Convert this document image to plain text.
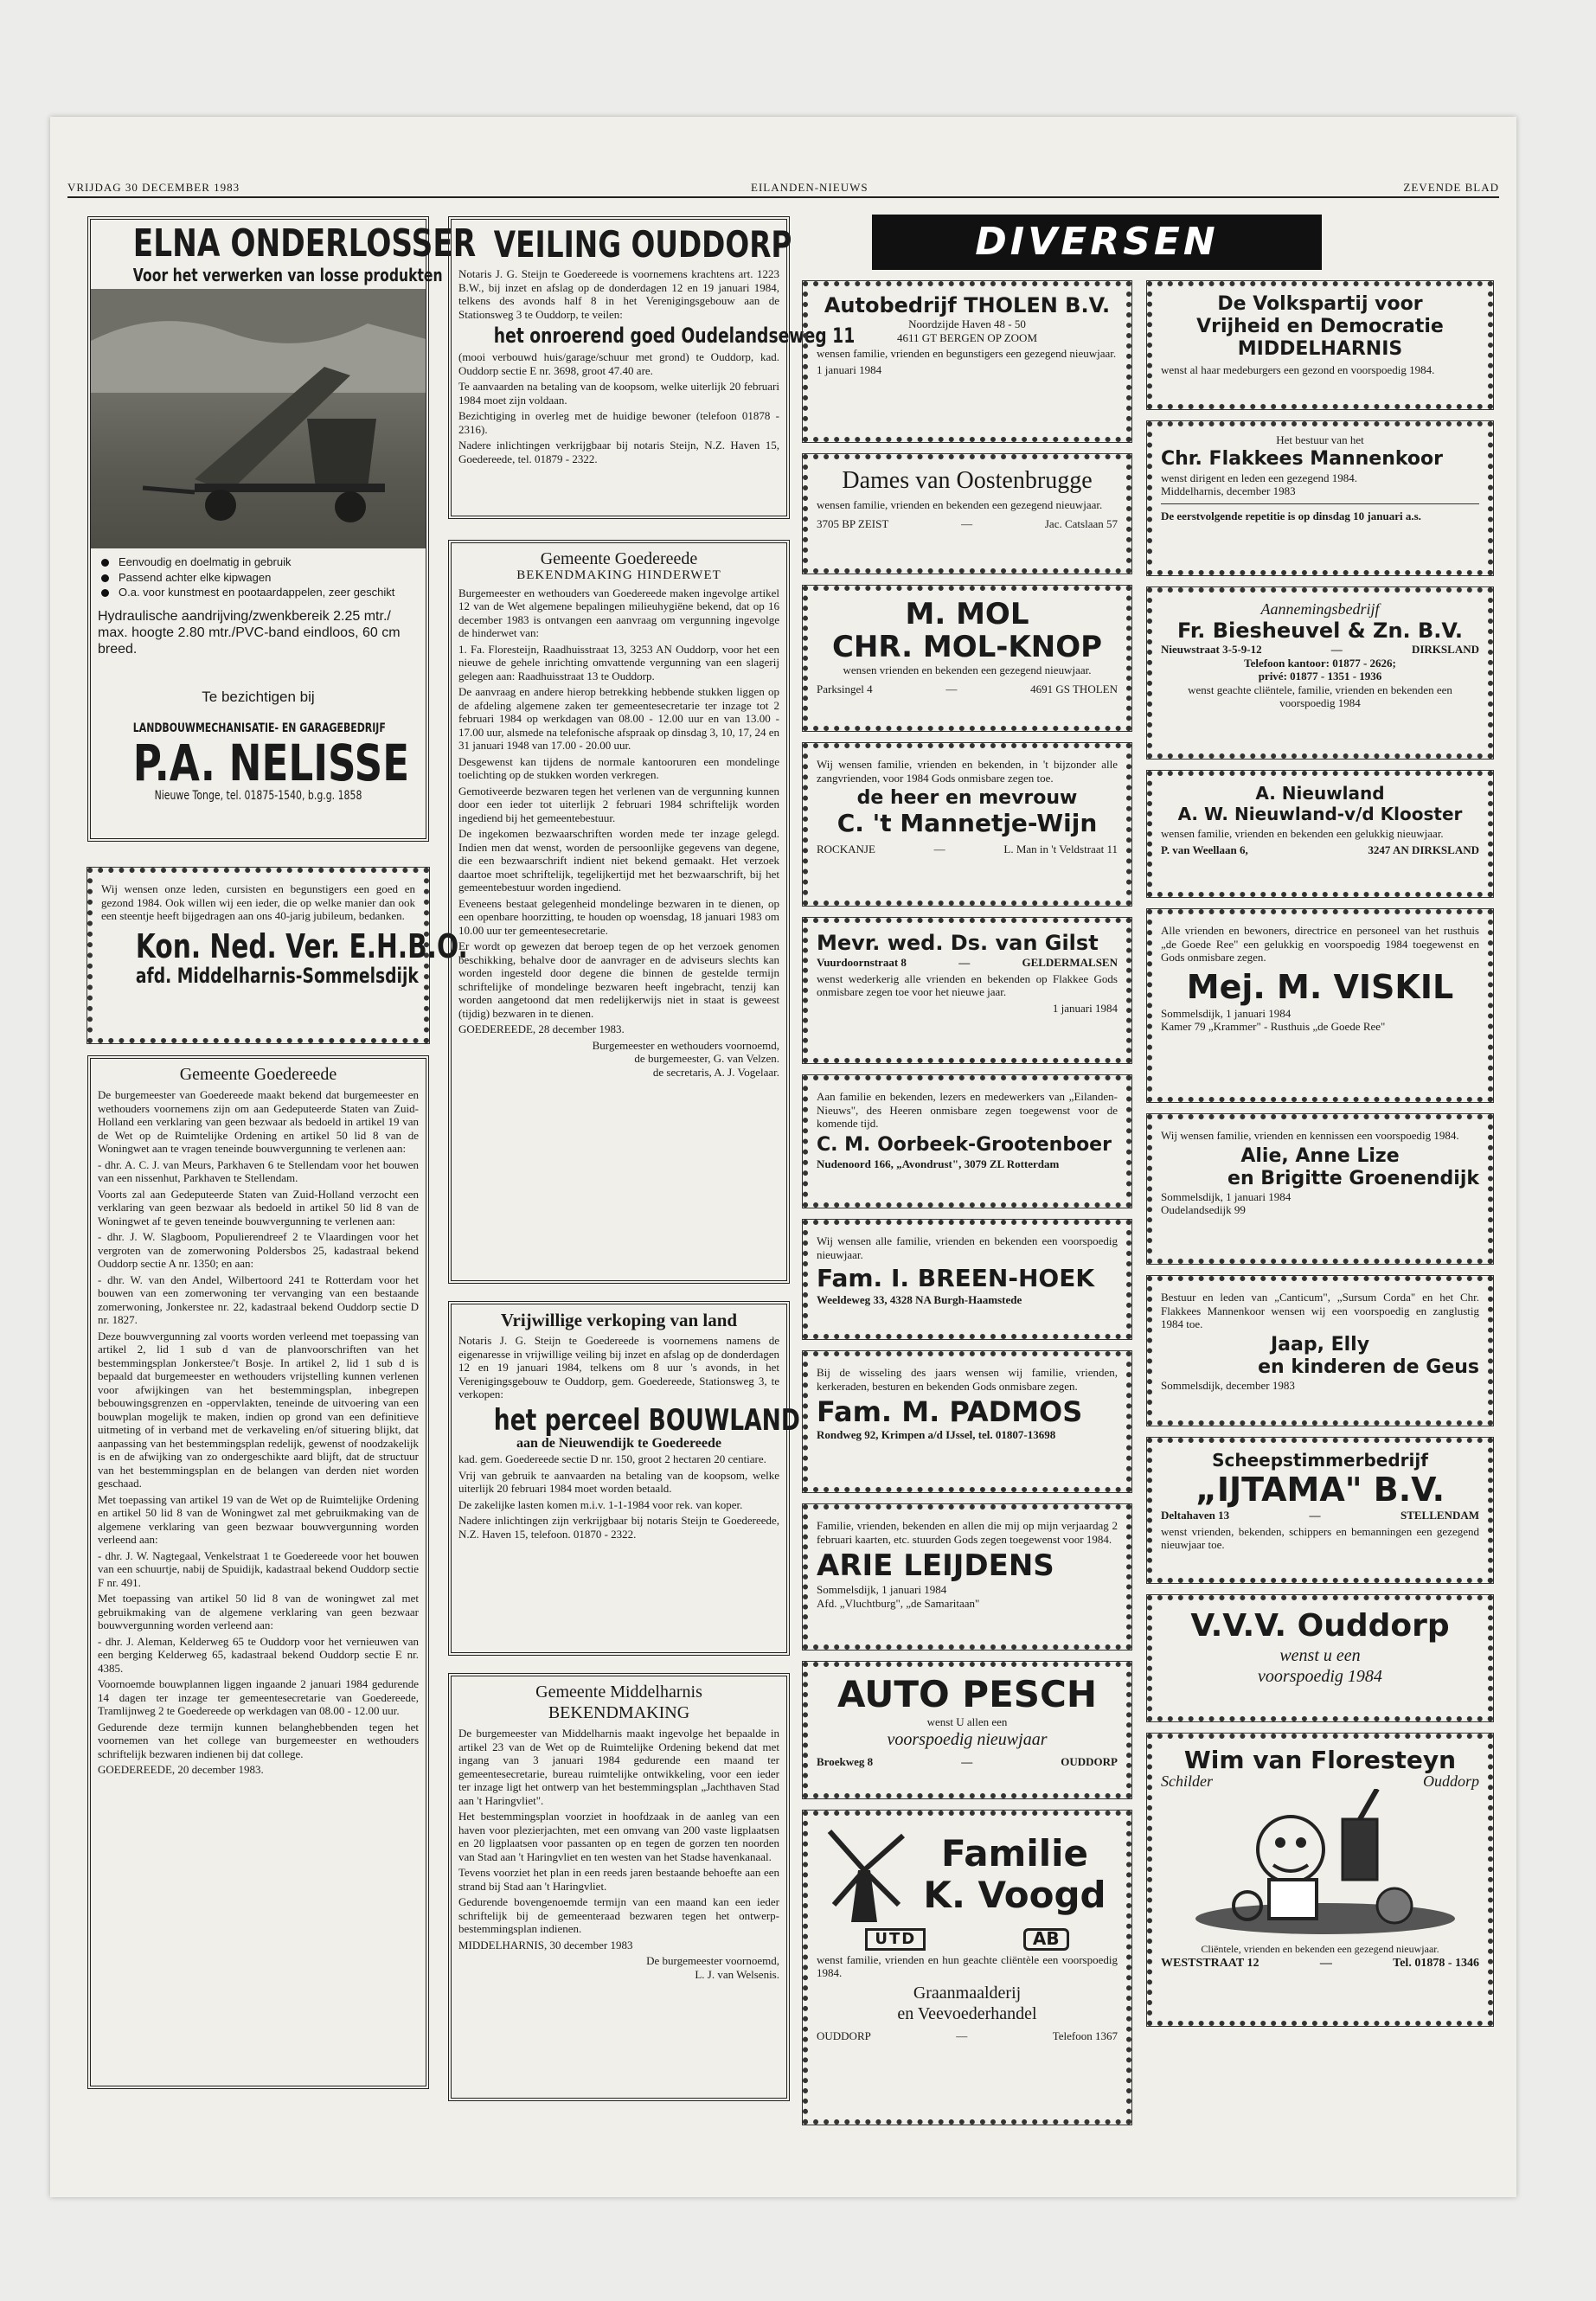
VRIJDAG 30 DECEMBER 1983	EILANDEN-NIEUWS	ZEVENDE BLAD
ELNA ONDERLOSSER
Voor het verwerken van losse produkten
Eenvoudig en doelmatig in gebruik
Passend achter elke kipwagen
O.a. voor kunstmest en pootaardappelen, zeer geschikt
Hydraulische aandrijving/zwenkbereik 2.25 mtr./ max. hoogte 2.80 mtr./PVC-band eindloos, 60 cm breed.
Te bezichtigen bij
LANDBOUWMECHANISATIE- EN GARAGEBEDRIJF
P.A. NELISSE
Nieuwe Tonge, tel. 01875-1540, b.g.g. 1858

Wij wensen onze leden, cursisten en begunstigers een goed en gezond 1984. Ook willen wij een ieder, die op welke manier dan ook een steentje heeft bijgedragen aan ons 40-jarig jubileum, bedanken.

Kon. Ned. Ver. E.H.B.O.
afd. Middelharnis-Sommelsdijk
Gemeente Goedereede

De burgemeester van Goedereede maakt bekend dat burgemeester en wethouders voornemens zijn om aan Gedeputeerde Staten van Zuid-Holland een verklaring van geen bezwaar als bedoeld in artikel 19 van de Wet op de Ruimtelijke Ordening en artikel 50 lid 8 van de Woningwet aan te vragen teneinde bouwvergunning te verlenen aan:

- dhr. A. C. J. van Meurs, Parkhaven 6 te Stellendam voor het bouwen van een nissenhut, Parkhaven te Stellendam.

Voorts zal aan Gedeputeerde Staten van Zuid-Holland verzocht een verklaring van geen bezwaar als bedoeld in artikel 50 lid 8 van de Woningwet af te geven teneinde bouwvergunning te verlenen aan:

- dhr. J. W. Slagboom, Populierendreef 2 te Vlaardingen voor het vergroten van de zomerwoning Poldersbos 25, kadastraal bekend Ouddorp sectie A nr. 1350; en aan:

- dhr. W. van den Andel, Wilbertoord 241 te Rotterdam voor het bouwen van een zomerwoning ter vervanging van een bestaande zomerwoning, Jonkerstee nr. 22, kadastraal bekend Ouddorp sectie D nr. 1827.

Deze bouwvergunning zal voorts worden verleend met toepassing van artikel 2, lid 1 sub d van de planvoorschriften van het bestemmingsplan Jonkerstee/'t Bosje. In artikel 2, lid 1 sub d is bepaald dat burgemeester en wethouders vrijstelling kunnen verlenen voor afwijkingen van het bestemmingsplan, inbegrepen bebouwingsgrenzen en -oppervlakten, teneinde de uitvoering van een bouwplan mogelijk te maken, indien op grond van een definitieve uitmeting of in verband met de verkaveling en/of situering blijkt, dat aanpassing van het bestemmingsplan redelijk, gewenst of noodzakelijk is en de afwijking van zo ondergeschikte aard blijft, dat de structuur van het bestemmingsplan en de belangen van derden niet worden geschaad.

Met toepassing van artikel 19 van de Wet op de Ruimtelijke Ordening en artikel 50 lid 8 van de Woningwet zal met gebruikmaking van de algemene verklaring van geen bezwaar bouwvergunning worden verleend aan:

- dhr. J. W. Nagtegaal, Venkelstraat 1 te Goedereede voor het bouwen van een schuurtje, nabij de Spuidijk, kadastraal bekend Ouddorp sectie F nr. 491.

Met toepassing van artikel 50 lid 8 van de woningwet zal met gebruikmaking van de algemene verklaring van geen bezwaar bouwvergunning worden verleend aan:

- dhr. J. Aleman, Kelderweg 65 te Ouddorp voor het vernieuwen van een berging Kelderweg 65, kadastraal bekend Ouddorp sectie E nr. 4385.

Voornoemde bouwplannen liggen ingaande 2 januari 1984 gedurende 14 dagen ter inzage ter gemeentesecretarie van Goedereede, Tramlijnweg 2 te Goedereede op werkdagen van 08.00 - 12.00 uur.

Gedurende deze termijn kunnen belanghebbenden tegen het voornemen van het college van burgemeester en wethouders schriftelijk bezwaren indienen bij dat college.

GOEDEREEDE, 20 december 1983.

VEILING OUDDORP

Notaris J. G. Steijn te Goedereede is voornemens krachtens art. 1223 B.W., bij inzet en afslag op de donderdagen 12 en 19 januari 1984, telkens des avonds half 8 in het Verenigingsgebouw aan de Stationsweg 3 te Ouddorp, te veilen:

het onroerend goed Oudelandseweg 11

(mooi verbouwd huis/garage/schuur met grond) te Ouddorp, kad. Ouddorp sectie E nr. 3698, groot 47.40 are.

Te aanvaarden na betaling van de koopsom, welke uiterlijk 20 februari 1984 moet zijn voldaan.

Bezichtiging in overleg met de huidige bewoner (telefoon 01878 - 2316).

Nadere inlichtingen verkrijgbaar bij notaris Steijn, N.Z. Haven 15, Goedereede, tel. 01879 - 2322.

Gemeente Goedereede
BEKENDMAKING HINDERWET

Burgemeester en wethouders van Goedereede maken ingevolge artikel 12 van de Wet algemene bepalingen milieuhygiëne bekend, dat op 16 december 1983 is ontvangen een aanvraag om vergunning ingevolge de hinderwet van:

1. Fa. Floresteijn, Raadhuisstraat 13, 3253 AN Ouddorp, voor het een nieuwe de gehele inrichting omvattende vergunning van een slagerij gelegen aan: Raadhuisstraat 13 te Ouddorp.

De aanvraag en andere hierop betrekking hebbende stukken liggen op de afdeling algemene zaken ter gemeentesecretarie ter inzage tot 2 februari 1984 op werkdagen van 08.00 - 12.00 uur en van 13.00 - 17.00 uur, alsmede na telefonische afspraak op dinsdag 3, 10, 17, 24 en 31 januari 1948 van 17.00 - 20.00 uur.

Desgewenst kan tijdens de normale kantooruren een mondelinge toelichting op de stukken worden verkregen.

Gemotiveerde bezwaren tegen het verlenen van de vergunning kunnen door een ieder tot uiterlijk 2 februari 1984 schriftelijk worden ingediend bij het gemeentebestuur.

De ingekomen bezwaarschriften worden mede ter inzage gelegd. Indien men dat wenst, worden de persoonlijke gegevens van degene, die een bezwaarschrift indient niet bekend gemaakt. Het verzoek daartoe moet schriftelijk, tegelijkertijd met het bezwaarschrift, bij het gemeentebestuur worden ingediend.

Eveneens bestaat gelegenheid mondelinge bezwaren in te dienen, op een openbare hoorzitting, te houden op woensdag, 18 januari 1983 om 10.00 uur ter gemeentesecretarie.

Er wordt op gewezen dat beroep tegen de op het verzoek genomen beschikking, behalve door de aanvrager en de adviseurs slechts kan worden ingesteld door degene die binnen de gestelde termijn schriftelijke of mondelinge bezwaren heeft ingebracht, tenzij kan worden aangetoond dat men redelijkerwijs niet in staat is geweest (tijdig) bezwaren in te dienen.

GOEDEREEDE, 28 december 1983.

Burgemeester en wethouders voornoemd,
de burgemeester, G. van Velzen.
de secretaris, A. J. Vogelaar.
Vrijwillige verkoping van land

Notaris J. G. Steijn te Goedereede is voornemens namens de eigenaresse in vrijwillige veiling bij inzet en afslag op de donderdagen 12 en 19 januari 1984, telkens om 8 uur 's avonds, in het Verenigingsgebouw te Ouddorp, gem. Goedereede, Stationsweg 3, te verkopen:

het perceel BOUWLAND
aan de Nieuwendijk te Goedereede

kad. gem. Goedereede sectie D nr. 150, groot 2 hectaren 20 centiare.

Vrij van gebruik te aanvaarden na betaling van de koopsom, welke uiterlijk 20 februari 1984 moet worden betaald.

De zakelijke lasten komen m.i.v. 1-1-1984 voor rek. van koper.

Nadere inlichtingen zijn verkrijgbaar bij notaris Steijn te Goedereede, N.Z. Haven 15, telefoon. 01870 - 2322.

Gemeente Middelharnis
BEKENDMAKING

De burgemeester van Middelharnis maakt ingevolge het bepaalde in artikel 23 van de Wet op de Ruimtelijke Ordening bekend dat met ingang van 3 januari 1984 gedurende een maand ter gemeentesecretarie, bureau ruimtelijke ontwikkeling, voor een ieder ter inzage ligt het ontwerp van het bestemmingsplan „Jachthaven Stad aan 't Haringvliet".

Het bestemmingsplan voorziet in hoofdzaak in de aanleg van een haven voor plezierjachten, met een omvang van 200 vaste ligplaatsen en 20 ligplaatsen voor passanten op en tegen de gorzen ten noorden van Stad aan 't Haringvliet en ten westen van het Stadse havenkanaal.

Tevens voorziet het plan in een reeds jaren bestaande behoefte aan een strand bij Stad aan 't Haringvliet.

Gedurende bovengenoemde termijn van een maand kan een ieder schriftelijk bij de gemeenteraad bezwaren tegen het ontwerp-bestemmingsplan indienen.

MIDDELHARNIS, 30 december 1983

De burgemeester voornoemd,
L. J. van Welsenis.
DIVERSEN
Autobedrijf THOLEN B.V.
Noordzijde Haven 48 - 50
4611 GT BERGEN OP ZOOM

wensen familie, vrienden en begunstigers een gezegend nieuwjaar.

1 januari 1984
Dames van Oostenbrugge

wensen familie, vrienden en bekenden een gezegend nieuwjaar.

3705 BP ZEIST	—	Jac. Catslaan 57
M. MOL
CHR. MOL-KNOP
wensen vrienden en bekenden een gezegend nieuwjaar.
Parksingel 4	—	4691 GS THOLEN

Wij wensen familie, vrienden en bekenden, in 't bijzonder alle zangvrienden, voor 1984 Gods onmisbare zegen toe.

de heer en mevrouw
C. 't Mannetje-Wijn
ROCKANJE	—	L. Man in 't Veldstraat 11
Mevr. wed. Ds. van Gilst
Vuurdoornstraat 8	—	GELDERMALSEN

wenst wederkerig alle vrienden en bekenden op Flakkee Gods onmisbare zegen toe voor het nieuwe jaar.

1 januari 1984

Aan familie en bekenden, lezers en medewerkers van „Eilanden-Nieuws", des Heeren onmisbare zegen toegewenst voor de komende tijd.

C. M. Oorbeek-Grootenboer
Nudenoord 166, „Avondrust", 3079 ZL Rotterdam

Wij wensen alle familie, vrienden en bekenden een voorspoedig nieuwjaar.

Fam. I. BREEN-HOEK
Weeldeweg 33, 4328 NA Burgh-Haamstede

Bij de wisseling des jaars wensen wij familie, vrienden, kerkeraden, besturen en bekenden Gods onmisbare zegen.

Fam. M. PADMOS
Rondweg 92, Krimpen a/d IJssel, tel. 01807-13698

Familie, vrienden, bekenden en allen die mij op mijn verjaardag 2 februari kaarten, etc. stuurden Gods zegen toegewenst voor 1984.

ARIE LEIJDENS
Sommelsdijk, 1 januari 1984
Afd. „Vluchtburg", „de Samaritaan"
AUTO PESCH
wenst U allen een
voorspoedig nieuwjaar
Broekweg 8	—	OUDDORP
Familie
K. Voogd
UTD	AB

wenst familie, vrienden en hun geachte cliëntèle een voorspoedig 1984.

Graanmaalderij
en Veevoederhandel
OUDDORP	—	Telefoon 1367
De Volkspartij voor
Vrijheid en Democratie
MIDDELHARNIS

wenst al haar medeburgers een gezond en voorspoedig 1984.

Het bestuur van het
Chr. Flakkees Mannenkoor
wenst dirigent en leden een gezegend 1984.
Middelharnis, december 1983
De eerstvolgende repetitie is op dinsdag 10 januari a.s.
Aannemingsbedrijf
Fr. Biesheuvel & Zn. B.V.
Nieuwstraat 3-5-9-12	—	DIRKSLAND
Telefoon kantoor: 01877 - 2626;
privé: 01877 - 1351 - 1936
wenst geachte cliëntele, familie, vrienden en bekenden een voorspoedig 1984
A. Nieuwland
A. W. Nieuwland-v/d Klooster

wensen familie, vrienden en bekenden een gelukkig nieuwjaar.

P. van Weellaan 6,	3247 AN DIRKSLAND

Alle vrienden en bewoners, directrice en personeel van het rusthuis „de Goede Ree" een gelukkig en voorspoedig 1984 toegewenst en Gods onmisbare zegen.

Mej. M. VISKIL
Sommelsdijk, 1 januari 1984
Kamer 79 „Krammer" - Rusthuis „de Goede Ree"

Wij wensen familie, vrienden en kennissen een voorspoedig 1984.

Alie, Anne Lize
en Brigitte Groenendijk
Sommelsdijk, 1 januari 1984
Oudelandsedijk 99

Bestuur en leden van „Canticum", „Sursum Corda" en het Chr. Flakkees Mannenkoor wensen wij een voorspoedig en zanglustig 1984 toe.

Jaap, Elly
en kinderen de Geus
Sommelsdijk, december 1983
Scheepstimmerbedrijf
„IJTAMA" B.V.
Deltahaven 13	—	STELLENDAM

wenst vrienden, bekenden, schippers en bemanningen een gezegend nieuwjaar toe.

V.V.V. Ouddorp
wenst u een
voorspoedig 1984
Wim van Floresteyn
Schilder	Ouddorp
Cliëntele, vrienden en bekenden een gezegend nieuwjaar.
WESTSTRAAT 12	—	Tel. 01878 - 1346
